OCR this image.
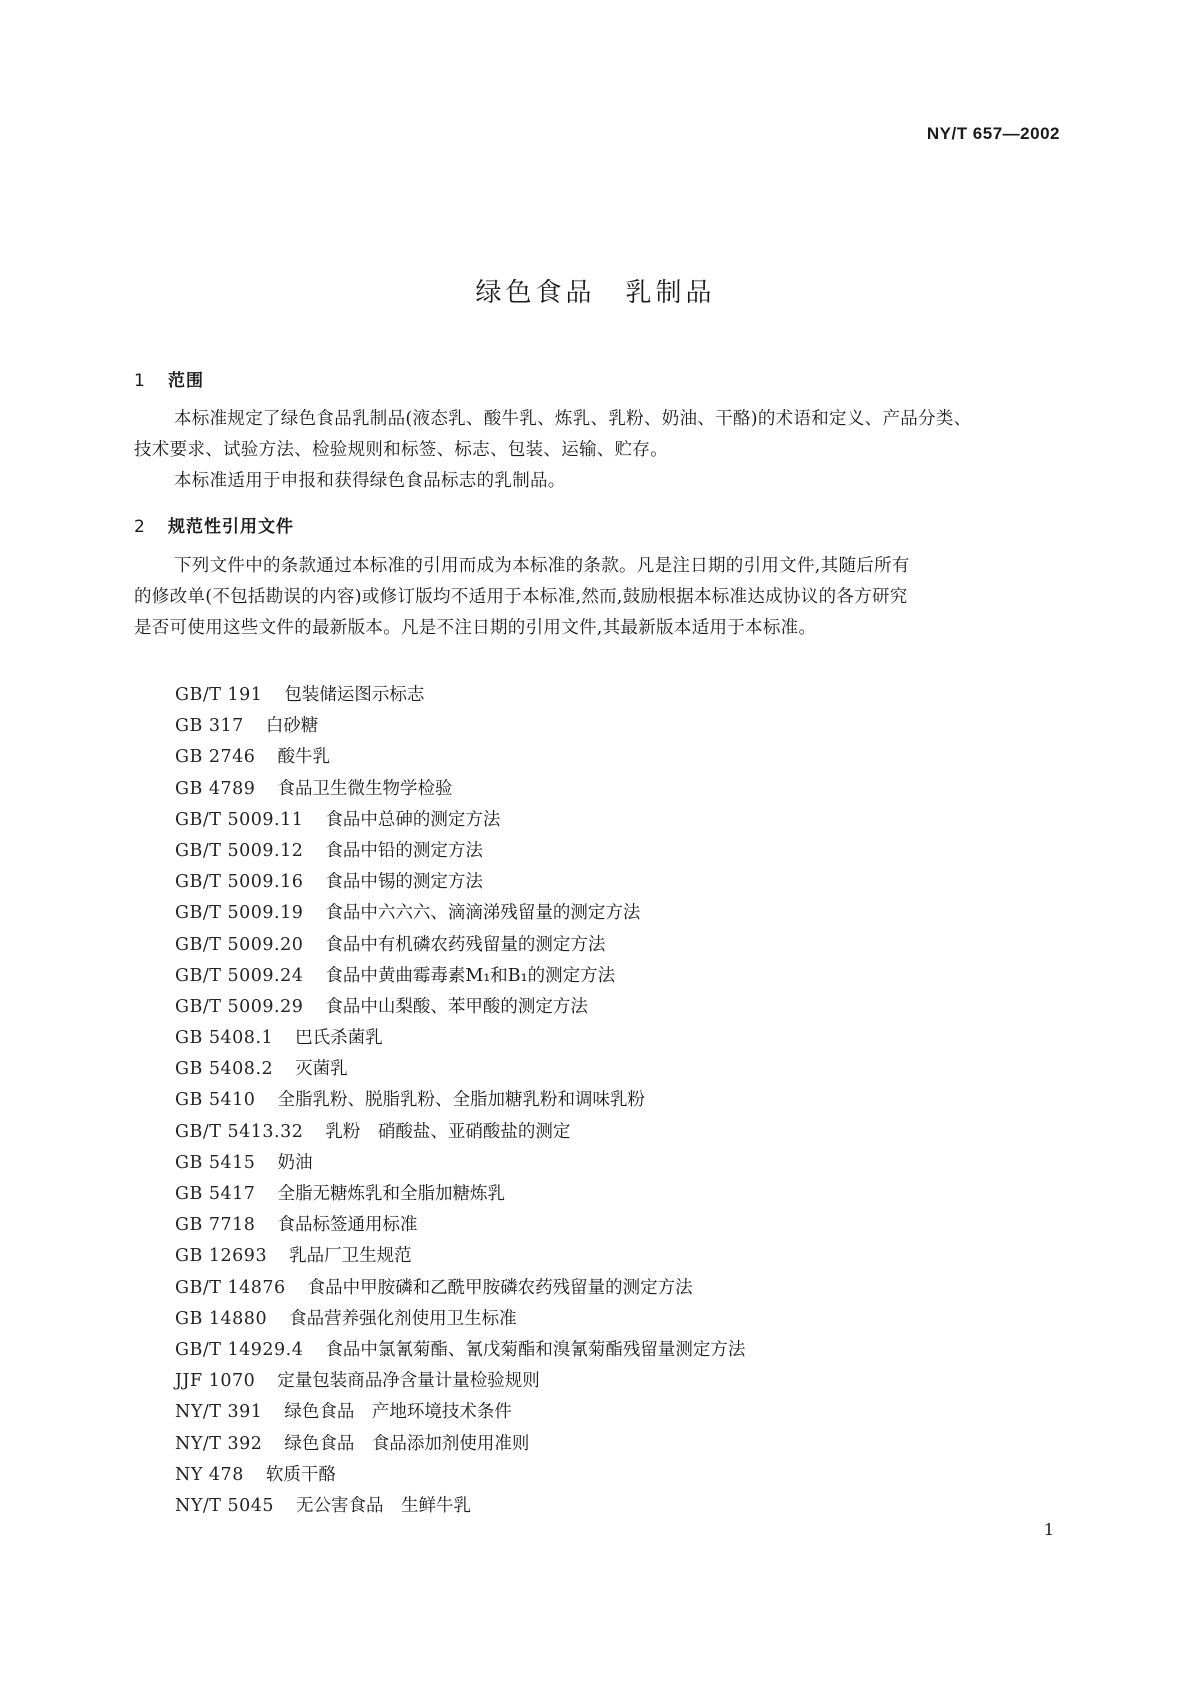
NY/T 657—2002
绿色食品 乳制品
1 范围
本标准规定了绿色食品乳制品(液态乳、酸牛乳、炼乳、乳粉、奶油、干酪)的术语和定义、产品分类、
技术要求、试验方法、检验规则和标签、标志、包装、运输、贮存。
本标准适用于申报和获得绿色食品标志的乳制品。
2 规范性引用文件
下列文件中的条款通过本标准的引用而成为本标准的条款。凡是注日期的引用文件,其随后所有
的修改单(不包括勘误的内容)或修订版均不适用于本标准,然而,鼓励根据本标准达成协议的各方研究
是否可使用这些文件的最新版本。凡是不注日期的引用文件,其最新版本适用于本标准。
GB/T 191 包装储运图示标志
GB 317 白砂糖
GB 2746 酸牛乳
GB 4789 食品卫生微生物学检验
GB/T 5009.11 食品中总砷的测定方法
GB/T 5009.12 食品中铅的测定方法
GB/T 5009.16 食品中锡的测定方法
GB/T 5009.19 食品中六六六、滴滴涕残留量的测定方法
GB/T 5009.20 食品中有机磷农药残留量的测定方法
GB/T 5009.24 食品中黄曲霉毒素M₁和B₁的测定方法
GB/T 5009.29 食品中山梨酸、苯甲酸的测定方法
GB 5408.1 巴氏杀菌乳
GB 5408.2 灭菌乳
GB 5410 全脂乳粉、脱脂乳粉、全脂加糖乳粉和调味乳粉
GB/T 5413.32 乳粉　硝酸盐、亚硝酸盐的测定
GB 5415 奶油
GB 5417 全脂无糖炼乳和全脂加糖炼乳
GB 7718 食品标签通用标准
GB 12693 乳品厂卫生规范
GB/T 14876 食品中甲胺磷和乙酰甲胺磷农药残留量的测定方法
GB 14880 食品营养强化剂使用卫生标准
GB/T 14929.4 食品中氯氰菊酯、氰戊菊酯和溴氰菊酯残留量测定方法
JJF 1070 定量包装商品净含量计量检验规则
NY/T 391 绿色食品　产地环境技术条件
NY/T 392 绿色食品　食品添加剂使用准则
NY 478 软质干酪
NY/T 5045 无公害食品　生鲜牛乳
1
